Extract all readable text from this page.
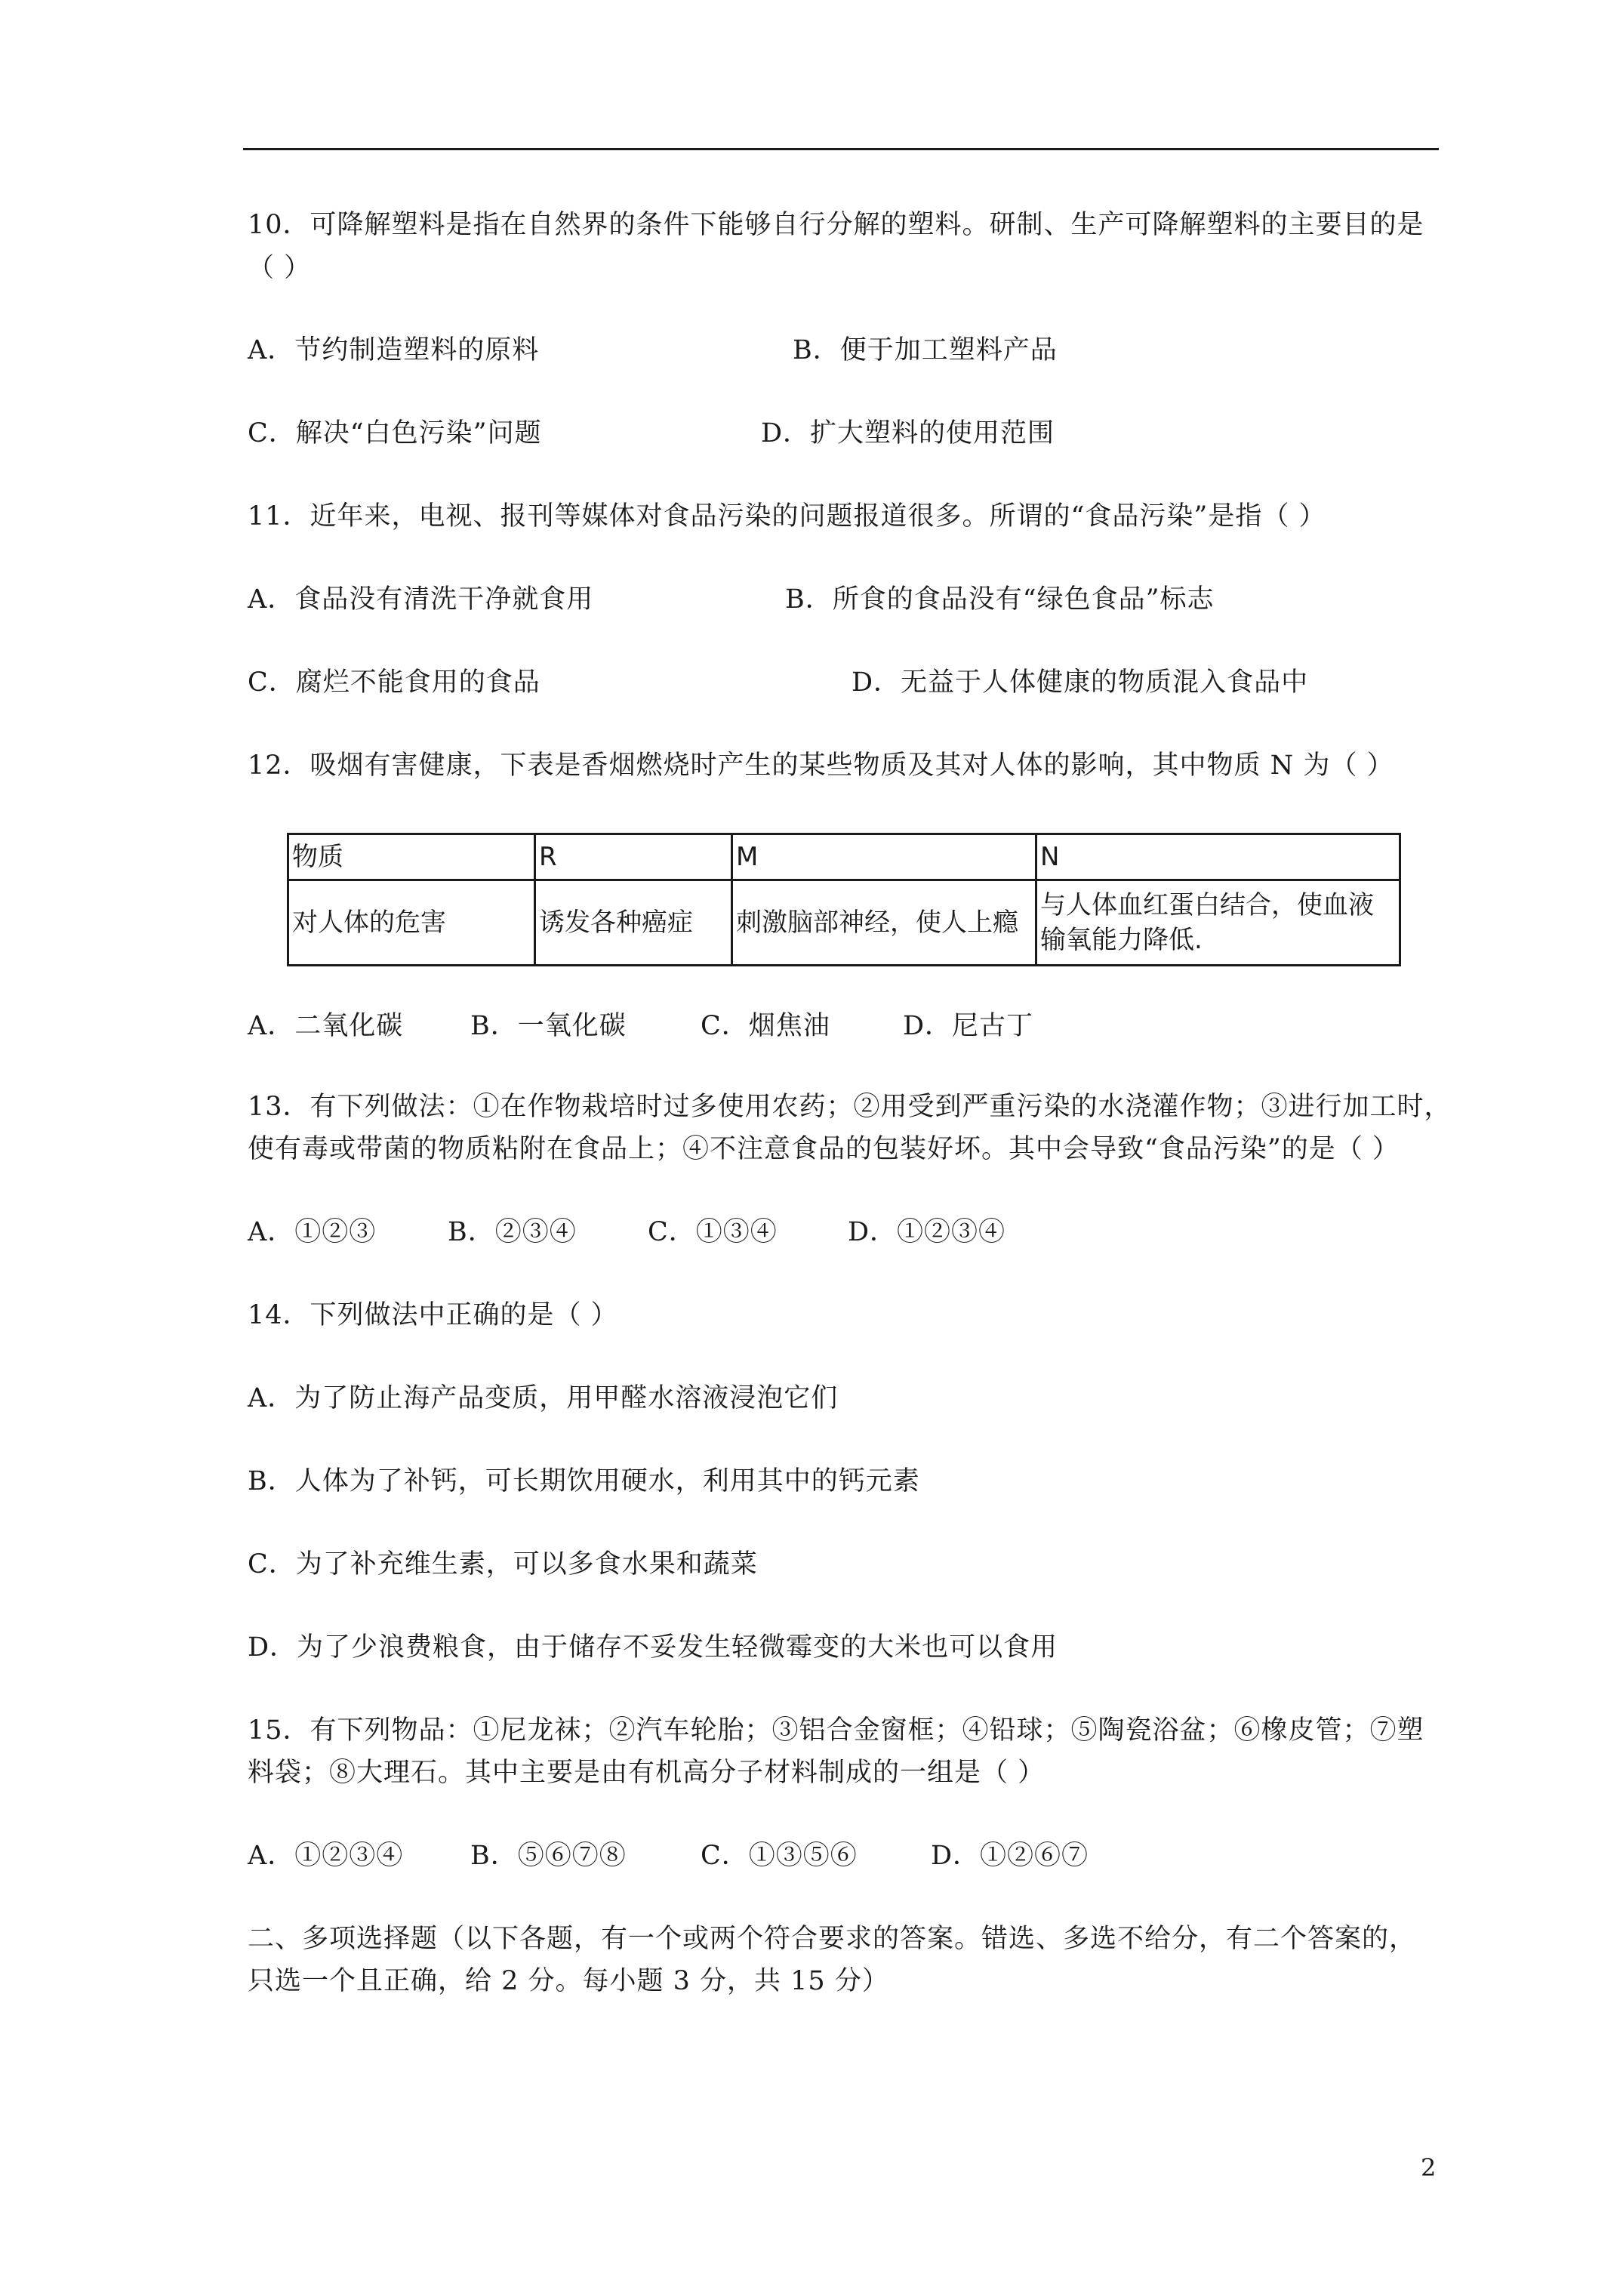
10．可降解塑料是指在自然界的条件下能够自行分解的塑料。研制、生产可降解塑料的主要目的是
（ ）
A．节约制造塑料的原料	B．便于加工塑料产品
C．解决“白色污染”问题	D．扩大塑料的使用范围
11．近年来，电视、报刊等媒体对食品污染的问题报道很多。所谓的“食品污染”是指（ ）
A．食品没有清洗干净就食用	B．所食的食品没有“绿色食品”标志
C．腐烂不能食用的食品	D．无益于人体健康的物质混入食品中
12．吸烟有害健康，下表是香烟燃烧时产生的某些物质及其对人体的影响，其中物质 N 为（ ）
物质	R	M	N
对人体的危害	诱发各种癌症	刺激脑部神经，使人上瘾	与人体血红蛋白结合，使血液输氧能力降低.
A．二氧化碳	B．一氧化碳	C．烟焦油	D．尼古丁
13．有下列做法：①在作物栽培时过多使用农药；②用受到严重污染的水浇灌作物；③进行加工时，
使有毒或带菌的物质粘附在食品上；④不注意食品的包装好坏。其中会导致“食品污染”的是（ ）
A．①②③	B．②③④	C．①③④	D．①②③④
14．下列做法中正确的是（ ）
A．为了防止海产品变质，用甲醛水溶液浸泡它们
B．人体为了补钙，可长期饮用硬水，利用其中的钙元素
C．为了补充维生素，可以多食水果和蔬菜
D．为了少浪费粮食，由于储存不妥发生轻微霉变的大米也可以食用
15．有下列物品：①尼龙袜；②汽车轮胎；③铝合金窗框；④铅球；⑤陶瓷浴盆；⑥橡皮管；⑦塑
料袋；⑧大理石。其中主要是由有机高分子材料制成的一组是（ ）
A．①②③④	B．⑤⑥⑦⑧	C．①③⑤⑥	D．①②⑥⑦
二、多项选择题（以下各题，有一个或两个符合要求的答案。错选、多选不给分，有二个答案的，
只选一个且正确，给 2 分。每小题 3 分，共 15 分）
2
